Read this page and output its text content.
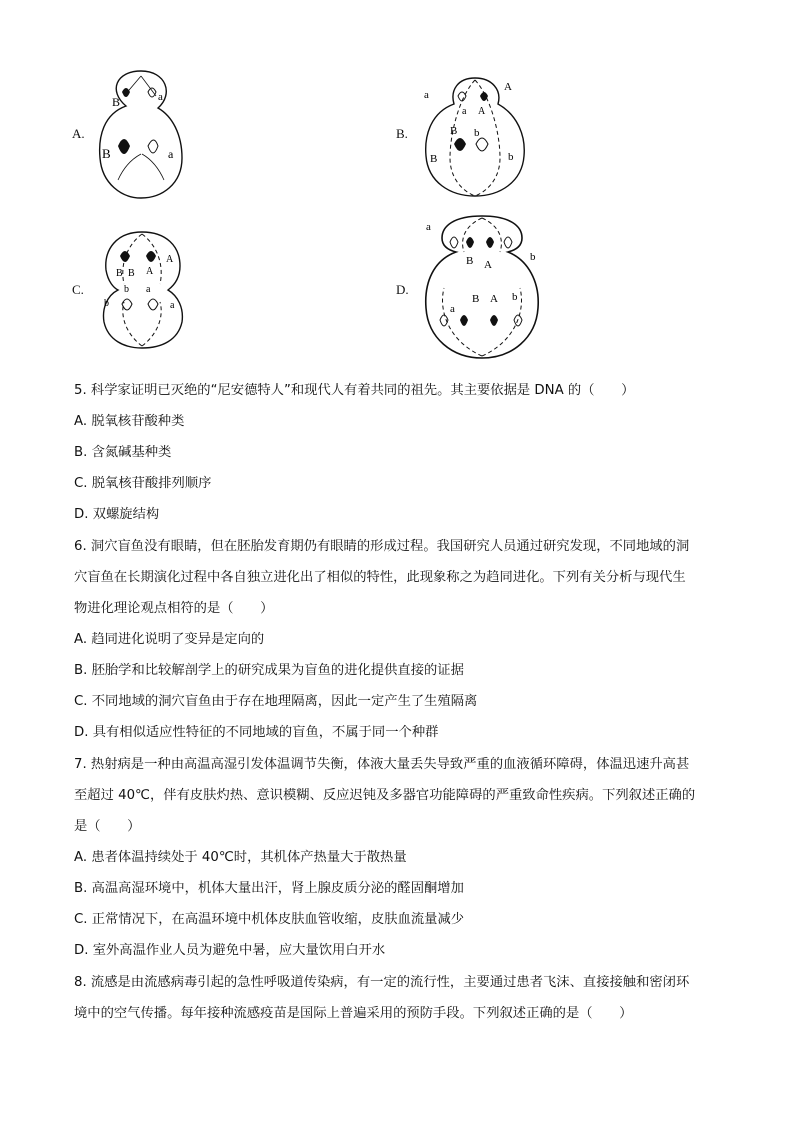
A.	B.
C.	D.
B	a
B	a
a
A
a A
B b
B	b
B B A
A
b
b a
a
a
b
B A
a
B A b
5. 科学家证明已灭绝的“尼安德特人”和现代人有着共同的祖先。其主要依据是 DNA 的（　　）
A. 脱氧核苷酸种类
B. 含氮碱基种类
C. 脱氧核苷酸排列顺序
D. 双螺旋结构
6. 洞穴盲鱼没有眼睛，但在胚胎发育期仍有眼睛的形成过程。我国研究人员通过研究发现，不同地域的洞
穴盲鱼在长期演化过程中各自独立进化出了相似的特性，此现象称之为趋同进化。下列有关分析与现代生
物进化理论观点相符的是（　　）
A. 趋同进化说明了变异是定向的
B. 胚胎学和比较解剖学上的研究成果为盲鱼的进化提供直接的证据
C. 不同地域的洞穴盲鱼由于存在地理隔离，因此一定产生了生殖隔离
D. 具有相似适应性特征的不同地域的盲鱼，不属于同一个种群
7. 热射病是一种由高温高湿引发体温调节失衡，体液大量丢失导致严重的血液循环障碍，体温迅速升高甚
至超过 40℃，伴有皮肤灼热、意识模糊、反应迟钝及多器官功能障碍的严重致命性疾病。下列叙述正确的
是（　　）
A. 患者体温持续处于 40℃时，其机体产热量大于散热量
B. 高温高湿环境中，机体大量出汗，肾上腺皮质分泌的醛固酮增加
C. 正常情况下，在高温环境中机体皮肤血管收缩，皮肤血流量减少
D. 室外高温作业人员为避免中暑，应大量饮用白开水
8. 流感是由流感病毒引起的急性呼吸道传染病，有一定的流行性，主要通过患者飞沫、直接接触和密闭环
境中的空气传播。每年接种流感疫苗是国际上普遍采用的预防手段。下列叙述正确的是（　　）
